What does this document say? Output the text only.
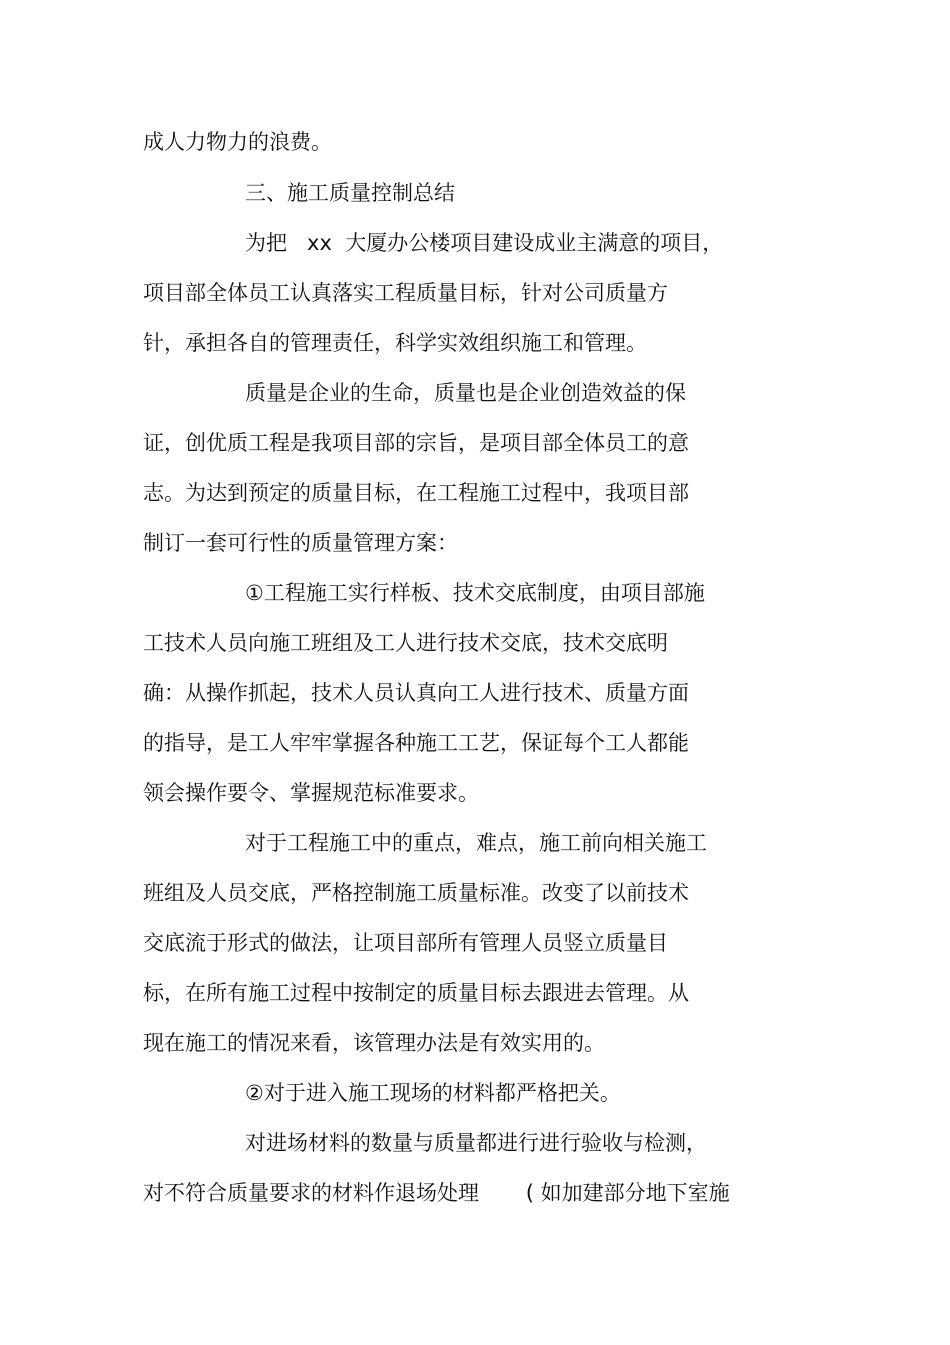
成人力物力的浪费。
三、施工质量控制总结
为把   xx  大厦办公楼项目建设成业主满意的项目，
项目部全体员工认真落实工程质量目标，针对公司质量方
针，承担各自的管理责任，科学实效组织施工和管理。
质量是企业的生命，质量也是企业创造效益的保
证，创优质工程是我项目部的宗旨，是项目部全体员工的意
志。为达到预定的质量目标，在工程施工过程中，我项目部
制订一套可行性的质量管理方案：
①工程施工实行样板、技术交底制度，由项目部施
工技术人员向施工班组及工人进行技术交底，技术交底明
确：从操作抓起，技术人员认真向工人进行技术、质量方面
的指导，是工人牢牢掌握各种施工工艺，保证每个工人都能
领会操作要令、掌握规范标准要求。
对于工程施工中的重点，难点，施工前向相关施工
班组及人员交底，严格控制施工质量标准。改变了以前技术
交底流于形式的做法，让项目部所有管理人员竖立质量目
标，在所有施工过程中按制定的质量目标去跟进去管理。从
现在施工的情况来看，该管理办法是有效实用的。
②对于进入施工现场的材料都严格把关。
对进场材料的数量与质量都进行进行验收与检测，
对不符合质量要求的材料作退场处理       ( 如加建部分地下室施
